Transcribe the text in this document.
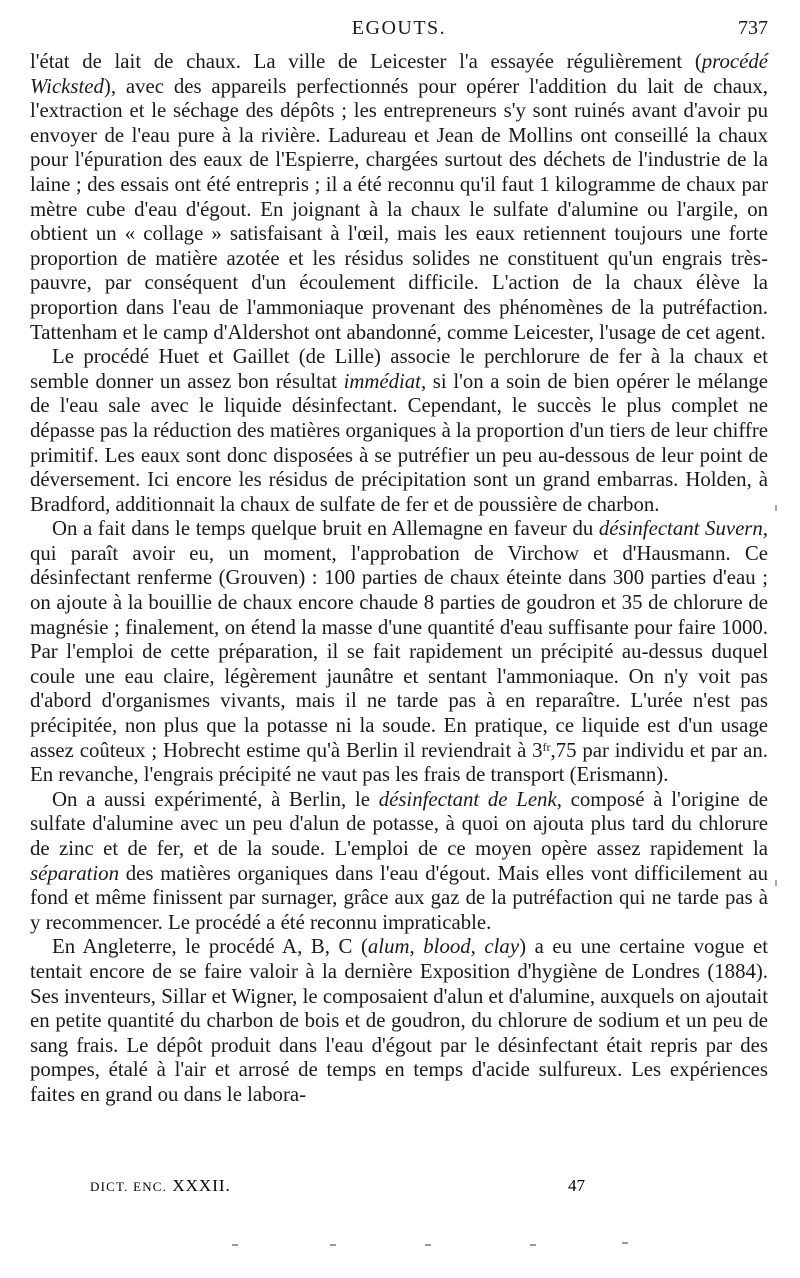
EGOUTS.	737

l'état de lait de chaux. La ville de Leicester l'a essayée régulièrement (procédé Wicksted), avec des appareils perfectionnés pour opérer l'addition du lait de chaux, l'extraction et le séchage des dépôts ; les entrepreneurs s'y sont ruinés avant d'avoir pu envoyer de l'eau pure à la rivière. Ladureau et Jean de Mollins ont conseillé la chaux pour l'épuration des eaux de l'Espierre, chargées surtout des déchets de l'industrie de la laine ; des essais ont été entrepris ; il a été reconnu qu'il faut 1 kilogramme de chaux par mètre cube d'eau d'égout. En joignant à la chaux le sulfate d'alumine ou l'argile, on obtient un « collage » satisfaisant à l'œil, mais les eaux retiennent toujours une forte proportion de matière azotée et les résidus solides ne constituent qu'un engrais très-pauvre, par conséquent d'un écoulement difficile. L'action de la chaux élève la proportion dans l'eau de l'ammoniaque provenant des phénomènes de la putréfaction. Tattenham et le camp d'Aldershot ont abandonné, comme Leicester, l'usage de cet agent.

Le procédé Huet et Gaillet (de Lille) associe le perchlorure de fer à la chaux et semble donner un assez bon résultat immédiat, si l'on a soin de bien opérer le mélange de l'eau sale avec le liquide désinfectant. Cependant, le succès le plus complet ne dépasse pas la réduction des matières organiques à la proportion d'un tiers de leur chiffre primitif. Les eaux sont donc disposées à se putréfier un peu au-dessous de leur point de déversement. Ici encore les résidus de précipitation sont un grand embarras. Holden, à Bradford, additionnait la chaux de sulfate de fer et de poussière de charbon.

On a fait dans le temps quelque bruit en Allemagne en faveur du désinfectant Suvern, qui paraît avoir eu, un moment, l'approbation de Virchow et d'Hausmann. Ce désinfectant renferme (Grouven) : 100 parties de chaux éteinte dans 300 parties d'eau ; on ajoute à la bouillie de chaux encore chaude 8 parties de goudron et 35 de chlorure de magnésie ; finalement, on étend la masse d'une quantité d'eau suffisante pour faire 1000. Par l'emploi de cette préparation, il se fait rapidement un précipité au-dessus duquel coule une eau claire, légèrement jaunâtre et sentant l'ammoniaque. On n'y voit pas d'abord d'organismes vivants, mais il ne tarde pas à en reparaître. L'urée n'est pas précipitée, non plus que la potasse ni la soude. En pratique, ce liquide est d'un usage assez coûteux ; Hobrecht estime qu'à Berlin il reviendrait à $3^{fr},75$ par individu et par an. En revanche, l'engrais précipité ne vaut pas les frais de transport (Erismann).

On a aussi expérimenté, à Berlin, le désinfectant de Lenk, composé à l'origine de sulfate d'alumine avec un peu d'alun de potasse, à quoi on ajouta plus tard du chlorure de zinc et de fer, et de la soude. L'emploi de ce moyen opère assez rapidement la séparation des matières organiques dans l'eau d'égout. Mais elles vont difficilement au fond et même finissent par surnager, grâce aux gaz de la putréfaction qui ne tarde pas à y recommencer. Le procédé a été reconnu impraticable.

En Angleterre, le procédé A, B, C (alum, blood, clay) a eu une certaine vogue et tentait encore de se faire valoir à la dernière Exposition d'hygiène de Londres (1884). Ses inventeurs, Sillar et Wigner, le composaient d'alun et d'alumine, auxquels on ajoutait en petite quantité du charbon de bois et de goudron, du chlorure de sodium et un peu de sang frais. Le dépôt produit dans l'eau d'égout par le désinfectant était repris par des pompes, étalé à l'air et arrosé de temps en temps d'acide sulfureux. Les expériences faites en grand ou dans le labora-

DICT. ENC. XXXII.	47
